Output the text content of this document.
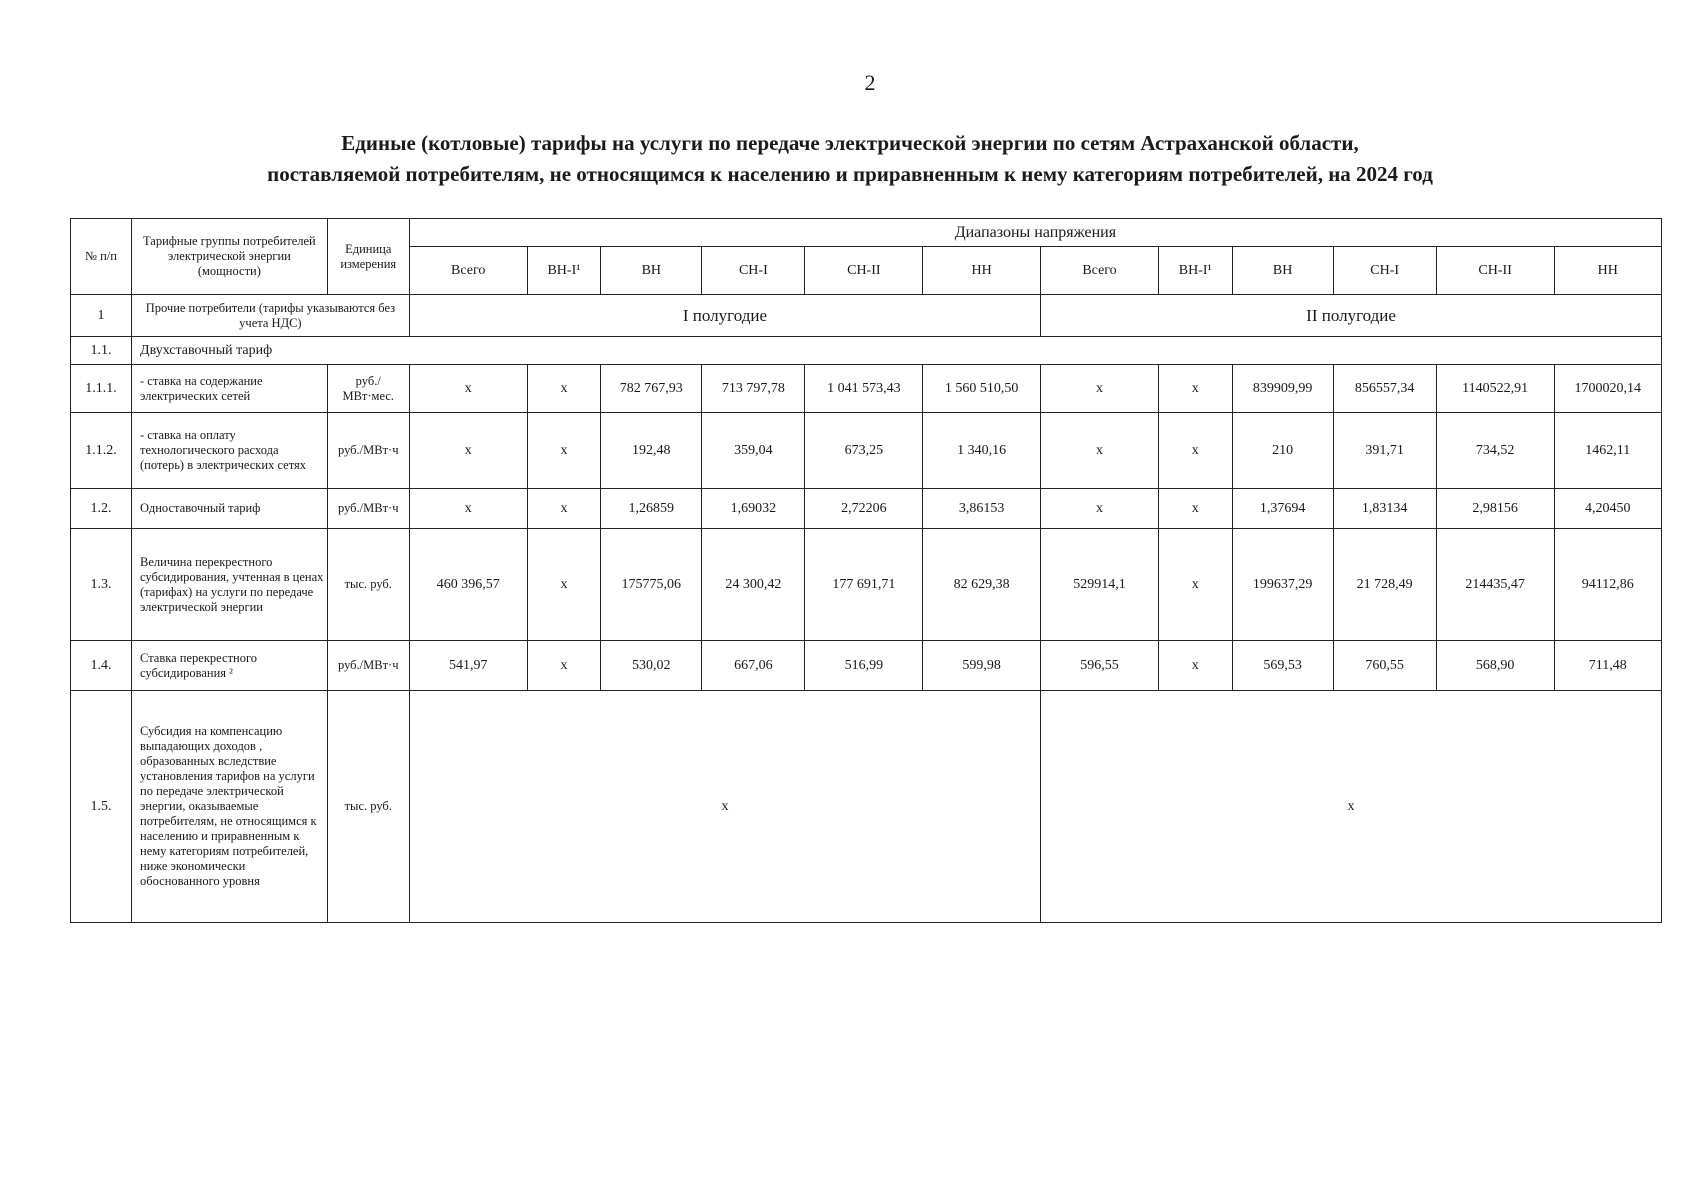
2
Единые (котловые) тарифы на услуги по передаче электрической энергии по сетям Астраханской области,
поставляемой потребителям, не относящимся к населению и приравненным к нему категориям потребителей, на 2024 год
№ п/п	Тарифные группы потребителей электрической энергии (мощности)	Единица измерения	Диапазоны напряжения											
			Всего	ВН-I¹	ВН	СН-I	СН-II	НН	Всего	ВН-I¹	ВН	СН-I	СН-II	НН
1	Прочие потребители (тарифы указываются без учета НДС)		I полугодие						II полугодие					
1.1.	Двухставочный тариф													
1.1.1.	- ставка на содержание электрических сетей	руб./МВт·мес.	х	х	782 767,93	713 797,78	1 041 573,43	1 560 510,50	х	х	839909,99	856557,34	1140522,91	1700020,14
1.1.2.	- ставка на оплату технологического расхода (потерь) в электрических сетях	руб./МВт·ч	х	х	192,48	359,04	673,25	1 340,16	х	х	210	391,71	734,52	1462,11
1.2.	Одноставочный тариф	руб./МВт·ч	х	х	1,26859	1,69032	2,72206	3,86153	х	х	1,37694	1,83134	2,98156	4,20450
1.3.	Величина перекрестного субсидирования, учтенная в ценах (тарифах) на услуги по передаче электрической энергии	тыс. руб.	460 396,57	х	175775,06	24 300,42	177 691,71	82 629,38	529914,1	х	199637,29	21 728,49	214435,47	94112,86
1.4.	Ставка перекрестного субсидирования ²	руб./МВт·ч	541,97	х	530,02	667,06	516,99	599,98	596,55	х	569,53	760,55	568,90	711,48
1.5.	Субсидия на компенсацию выпадающих доходов , образованных вследствие установления тарифов на услуги по передаче электрической энергии, оказываемые потребителям, не относящимся к населению и приравненным к нему категориям потребителей, ниже экономически обоснованного уровня	тыс. руб.	х						х					
